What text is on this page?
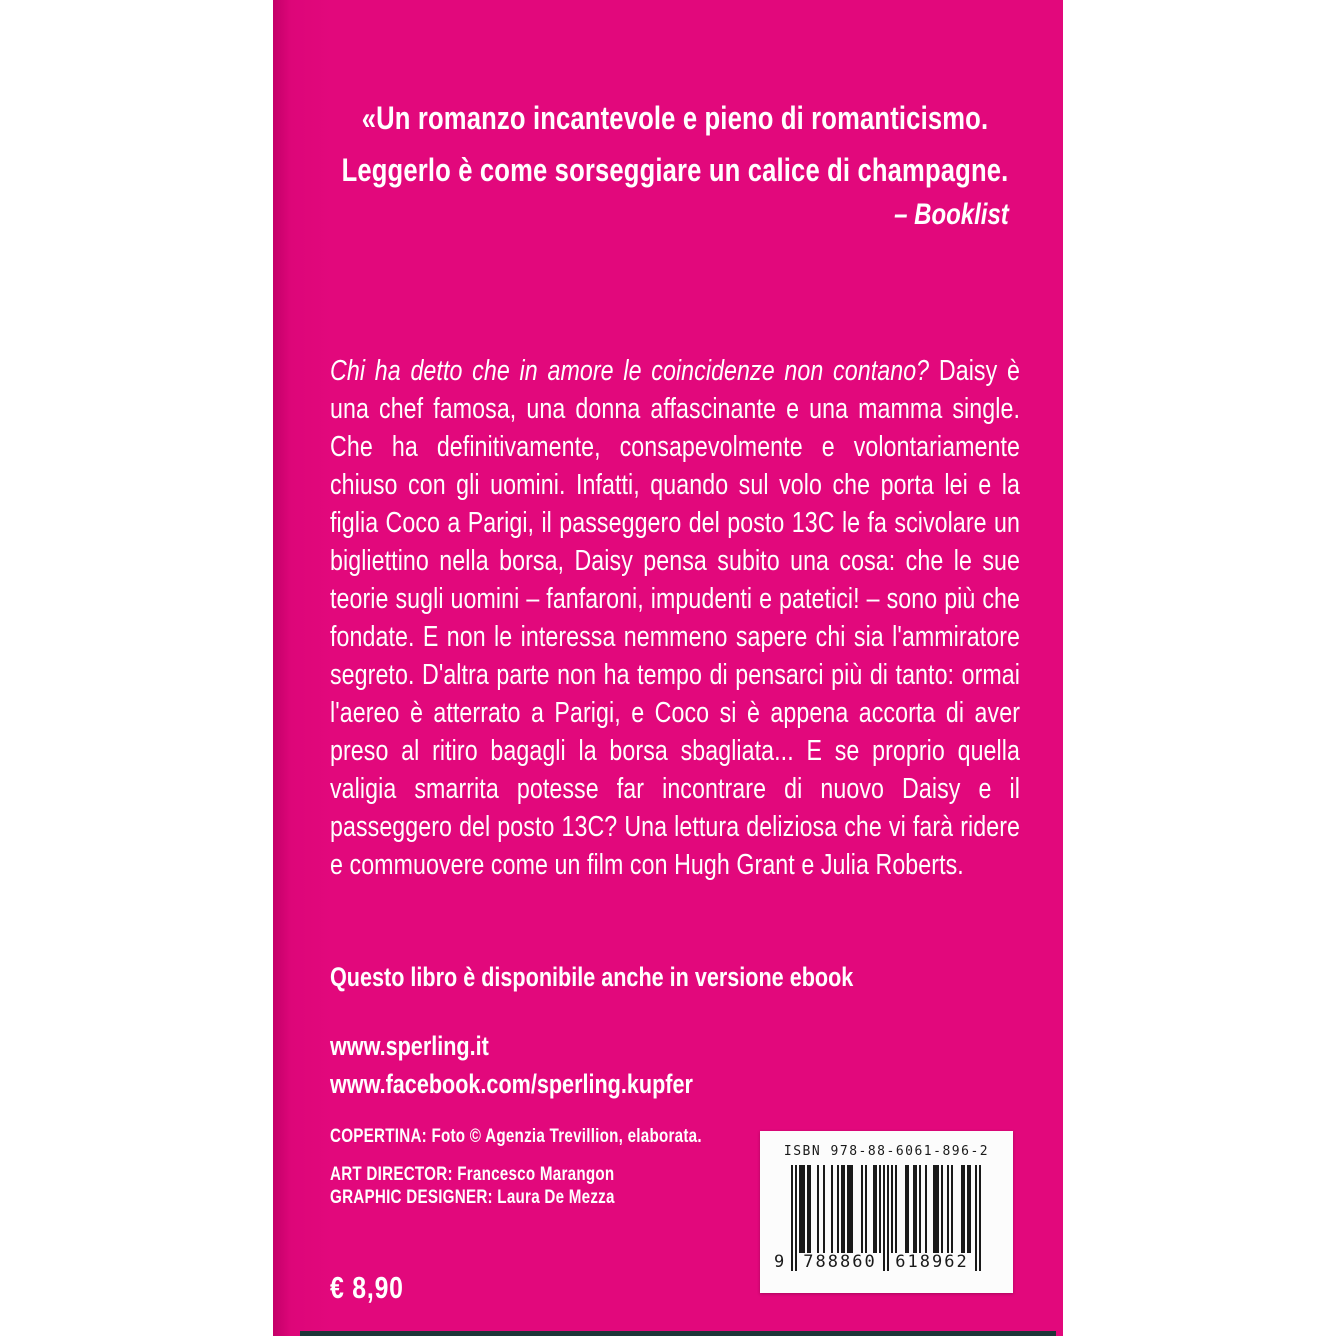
«Un romanzo incantevole e pieno di romanticismo. Leggerlo è come sorseggiare un calice di champagne.
– Booklist

Chi ha detto che in amore le coincidenze non contano? Daisy è una chef famosa, una donna affascinante e una mamma single. Che ha definitivamente, consapevolmente e volontariamente chiuso con gli uomini. Infatti, quando sul volo che porta lei e la figlia Coco a Parigi, il passeggero del posto 13C le fa scivolare un bigliettino nella borsa, Daisy pensa subito una cosa: che le sue teorie sugli uomini – fanfaroni, impudenti e patetici! – sono più che fondate. E non le interessa nemmeno sapere chi sia l'ammiratore segreto. D'altra parte non ha tempo di pensarci più di tanto: ormai l'aereo è atterrato a Parigi, e Coco si è appena accorta di aver preso al ritiro bagagli la borsa sbagliata... E se proprio quella valigia smarrita potesse far incontrare di nuovo Daisy e il passeggero del posto 13C? Una lettura deliziosa che vi farà ridere e commuovere come un film con Hugh Grant e Julia Roberts.

Questo libro è disponibile anche in versione ebook
www.sperling.it
www.facebook.com/sperling.kupfer
COPERTINA: Foto © Agenzia Trevillion, elaborata.
ART DIRECTOR: Francesco Marangon
GRAPHIC DESIGNER: Laura De Mezza
€ 8,90
ISBN 978-88-6061-896-2
9	788860	618962
